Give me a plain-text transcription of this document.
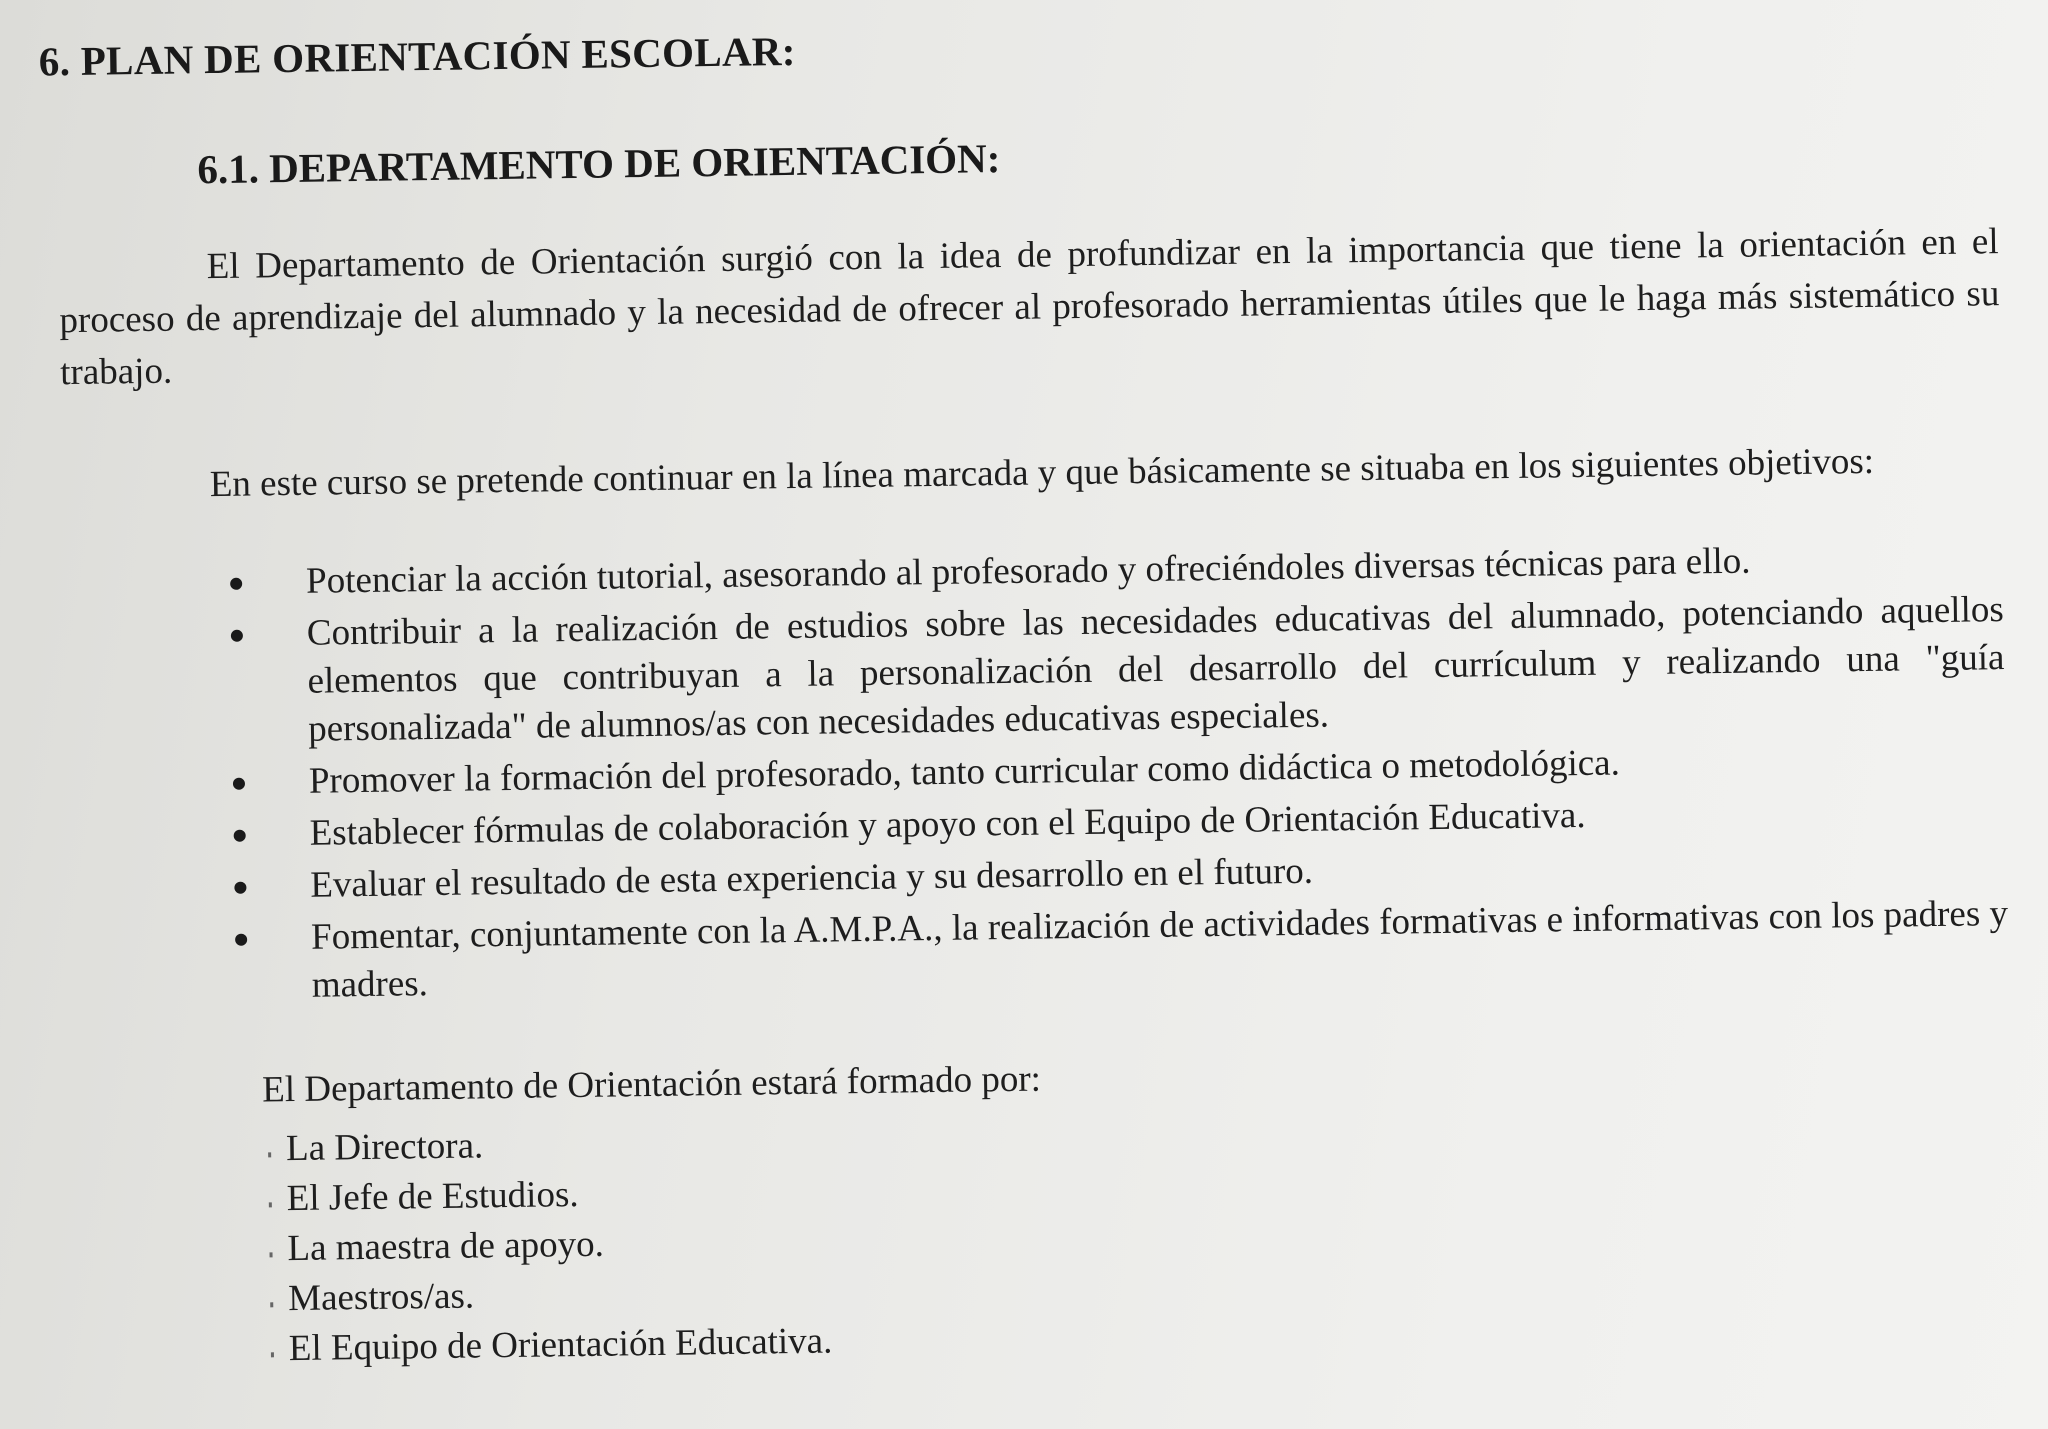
6. PLAN DE ORIENTACIÓN ESCOLAR:
6.1. DEPARTAMENTO DE ORIENTACIÓN:
El Departamento de Orientación surgió con la idea de profundizar en la importancia que tiene la orientación en el proceso de aprendizaje del alumnado y la necesidad de ofrecer al profesorado herramientas útiles que le haga más sistemático su trabajo.
En este curso se pretende continuar en la línea marcada y que básicamente se situaba en los siguientes objetivos:
Potenciar la acción tutorial, asesorando al profesorado y ofreciéndoles diversas técnicas para ello.
Contribuir a la realización de estudios sobre las necesidades educativas del alumnado, potenciando aquellos elementos que contribuyan a la personalización del desarrollo del currículum y realizando una "guía personalizada" de alumnos/as con necesidades educativas especiales.
Promover la formación del profesorado, tanto curricular como didáctica o metodológica.
Establecer fórmulas de colaboración y apoyo con el Equipo de Orientación Educativa.
Evaluar el resultado de esta experiencia y su desarrollo en el futuro.
Fomentar, conjuntamente con la A.M.P.A., la realización de actividades formativas e informativas con los padres y madres.
El Departamento de Orientación estará formado por:
La Directora.
El Jefe de Estudios.
La maestra de apoyo.
Maestros/as.
El Equipo de Orientación Educativa.
